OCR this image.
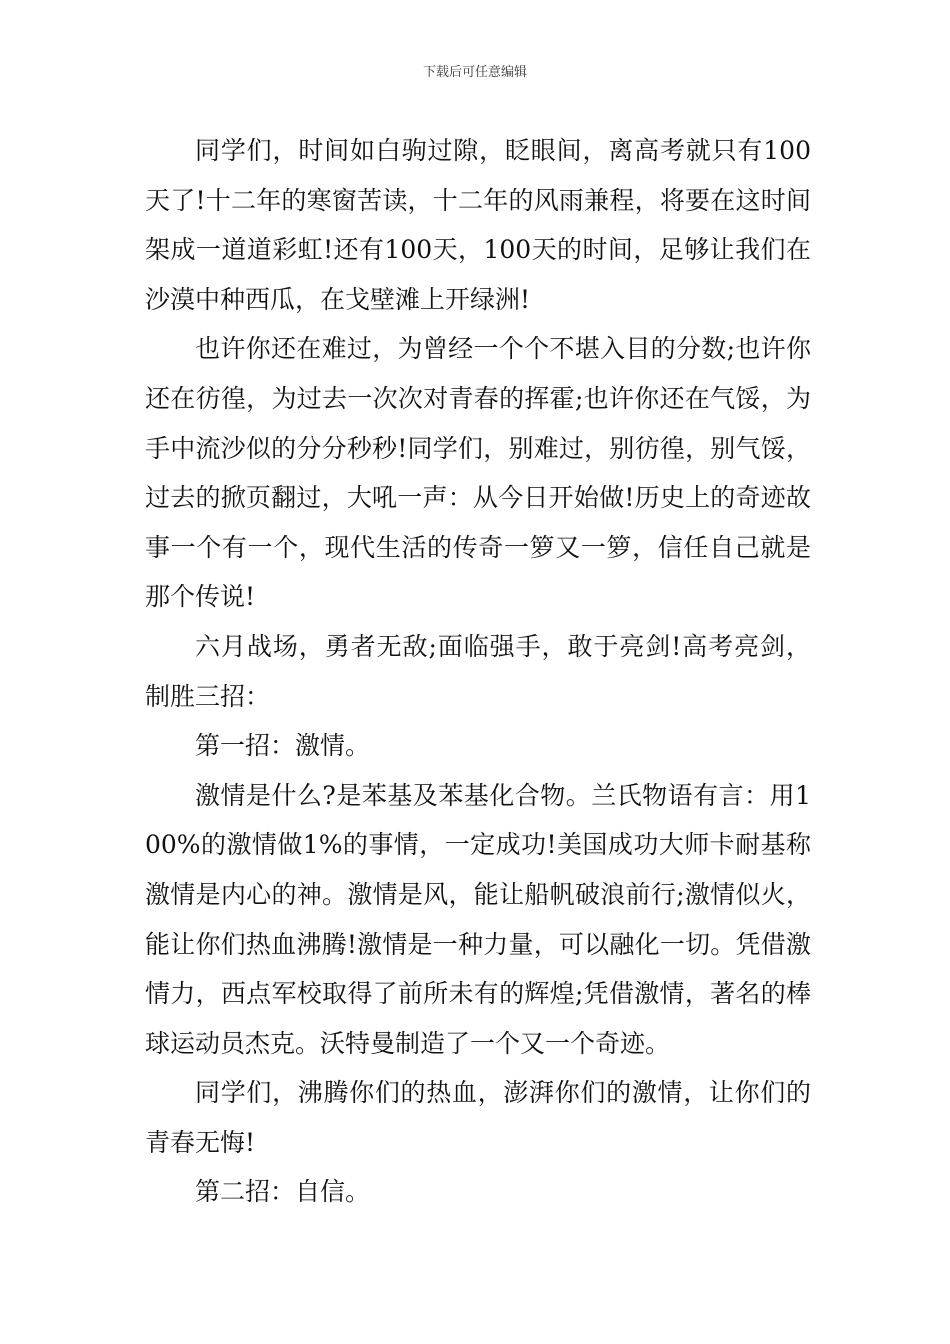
下载后可任意编辑

同学们，时间如白驹过隙，眨眼间，离高考就只有100天了!十二年的寒窗苦读，十二年的风雨兼程，将要在这时间架成一道道彩虹!还有100天，100天的时间，足够让我们在沙漠中种西瓜，在戈壁滩上开绿洲!

也许你还在难过，为曾经一个个不堪入目的分数;也许你还在彷徨，为过去一次次对青春的挥霍;也许你还在气馁，为手中流沙似的分分秒秒!同学们，别难过，别彷徨，别气馁，过去的掀页翻过，大吼一声：从今日开始做!历史上的奇迹故事一个有一个，现代生活的传奇一箩又一箩，信任自己就是那个传说!

六月战场，勇者无敌;面临强手，敢于亮剑!高考亮剑，制胜三招：

第一招：激情。

激情是什么?是苯基及苯基化合物。兰氏物语有言：用100%的激情做1%的事情，一定成功!美国成功大师卡耐基称激情是内心的神。激情是风，能让船帆破浪前行;激情似火，能让你们热血沸腾!激情是一种力量，可以融化一切。凭借激情力，西点军校取得了前所未有的辉煌;凭借激情，著名的棒球运动员杰克。沃特曼制造了一个又一个奇迹。

同学们，沸腾你们的热血，澎湃你们的激情，让你们的青春无悔!

第二招：自信。
